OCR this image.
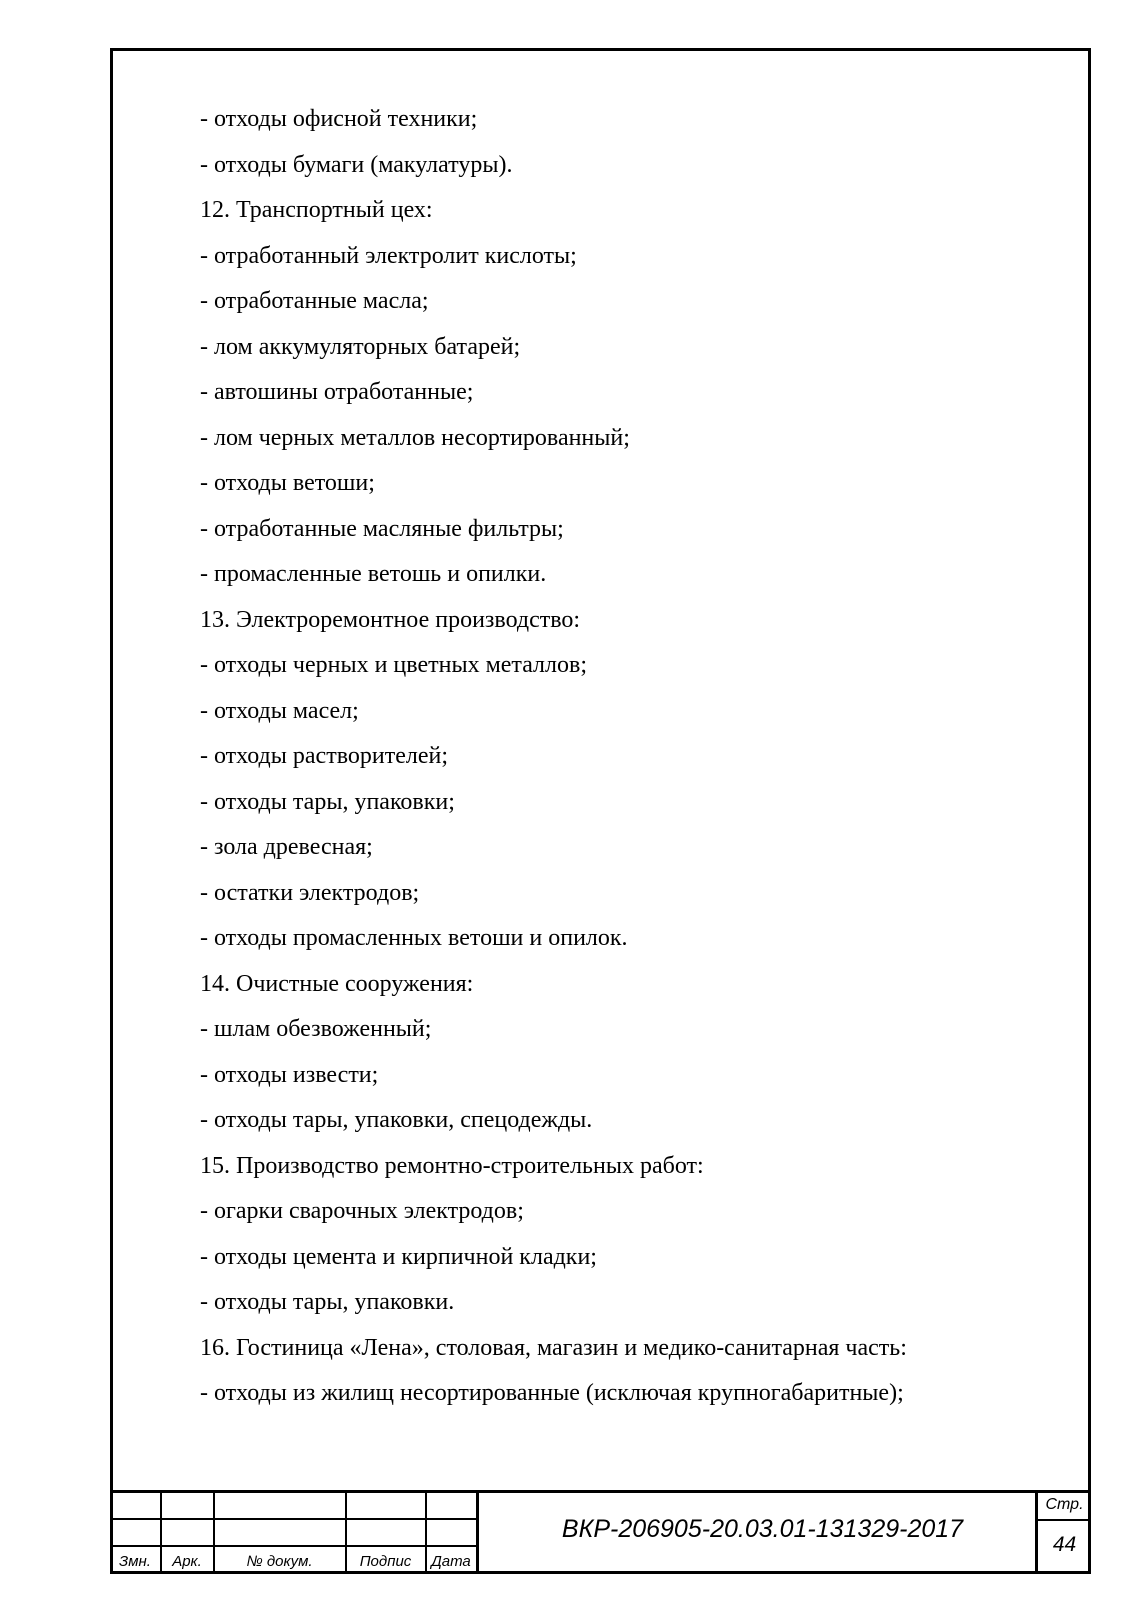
- отходы офисной техники;
- отходы бумаги (макулатуры).
12. Транспортный цех:
- отработанный электролит кислоты;
- отработанные масла;
- лом аккумуляторных батарей;
- автошины отработанные;
- лом черных металлов несортированный;
- отходы ветоши;
- отработанные масляные фильтры;
- промасленные ветошь и опилки.
13. Электроремонтное производство:
- отходы черных и цветных металлов;
- отходы масел;
- отходы растворителей;
- отходы тары, упаковки;
- зола древесная;
- остатки электродов;
- отходы промасленных ветоши и опилок.
14. Очистные сооружения:
- шлам обезвоженный;
- отходы извести;
- отходы тары, упаковки, спецодежды.
15. Производство ремонтно-строительных работ:
- огарки сварочных электродов;
- отходы цемента и кирпичной кладки;
- отходы тары, упаковки.
16. Гостиница «Лена», столовая, магазин и медико-санитарная часть:
- отходы из жилищ несортированные (исключая крупногабаритные);
Змн.	Арк.	№ докум.	Подпис	Дата
ВКР-206905-20.03.01-131329-2017
Стр.
44
